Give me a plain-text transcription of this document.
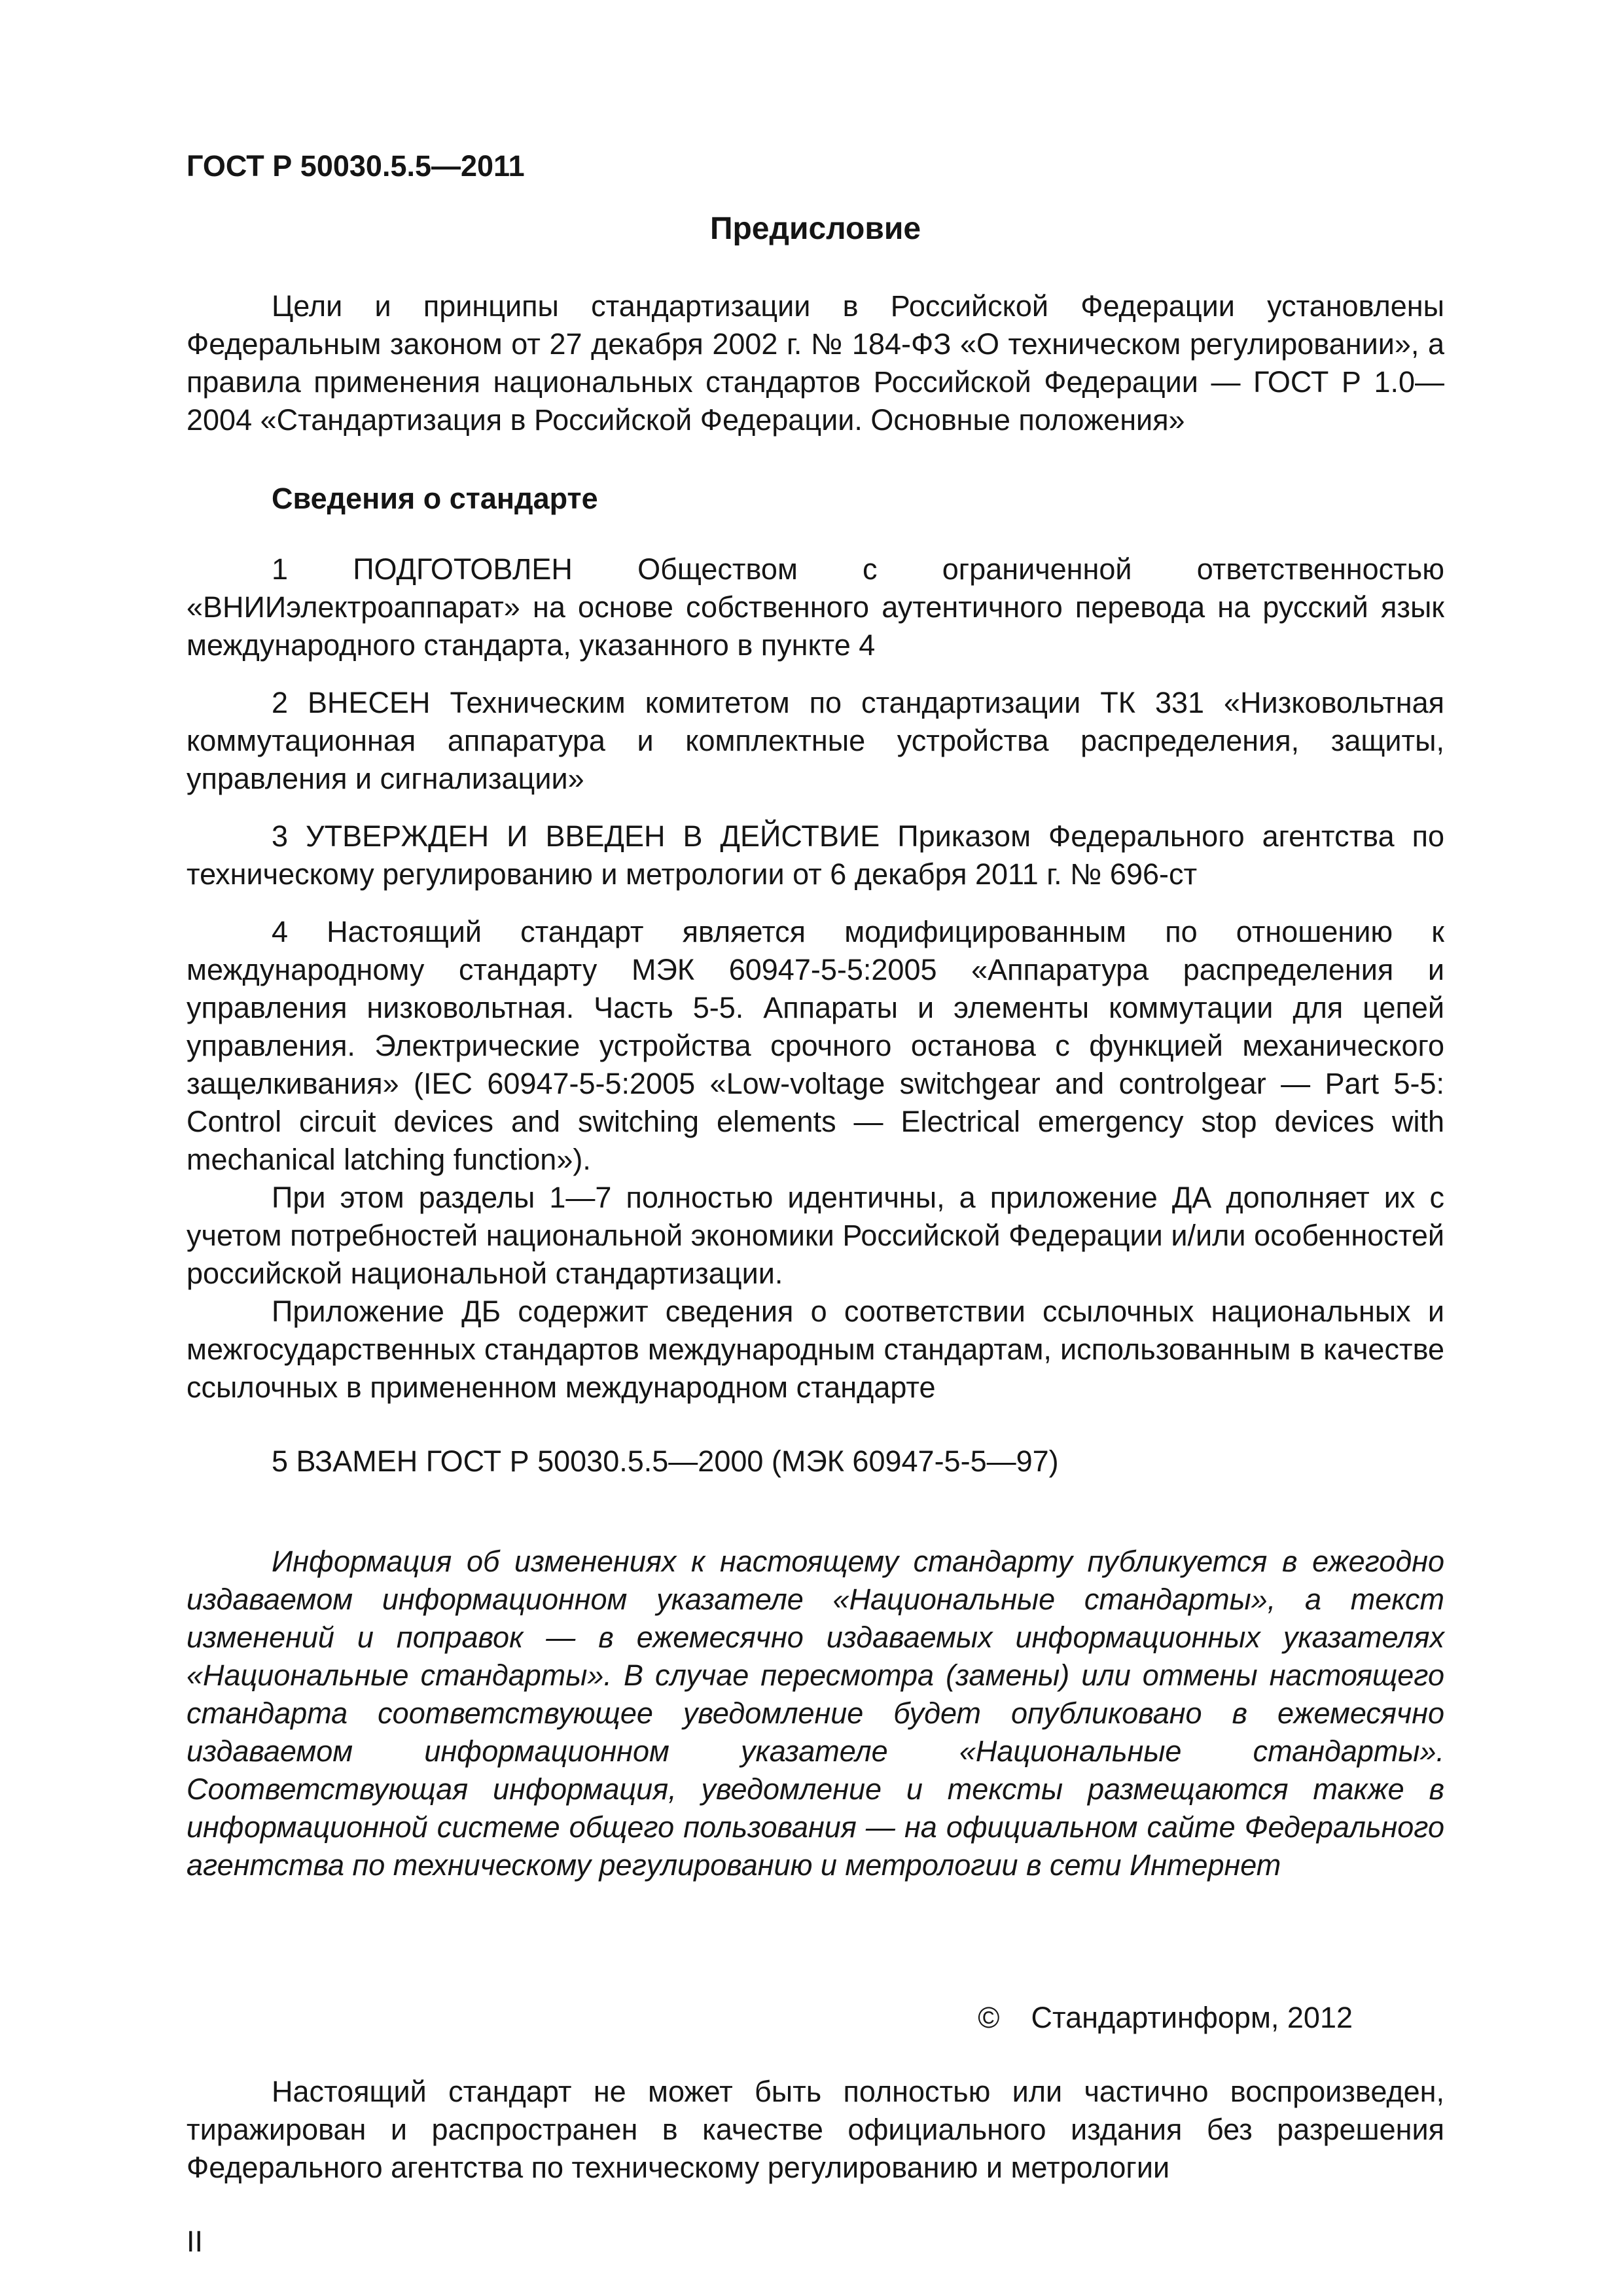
ГОСТ Р 50030.5.5—2011
Предисловие

Цели и принципы стандартизации в Российской Федерации установлены Федеральным законом от 27 декабря 2002 г. № 184-ФЗ «О техническом регулировании», а правила применения национальных стандартов Российской Федерации — ГОСТ Р 1.0—2004 «Стандартизация в Российской Федерации. Основные положения»

Сведения о стандарте

1 ПОДГОТОВЛЕН Обществом с ограниченной ответственностью «ВНИИэлектроаппарат» на основе собственного аутентичного перевода на русский язык международного стандарта, указанного в пункте 4

2 ВНЕСЕН Техническим комитетом по стандартизации ТК 331 «Низковольтная коммутационная аппаратура и комплектные устройства распределения, защиты, управления и сигнализации»

3 УТВЕРЖДЕН И ВВЕДЕН В ДЕЙСТВИЕ Приказом Федерального агентства по техническому регулированию и метрологии от 6 декабря 2011 г. № 696-ст

4 Настоящий стандарт является модифицированным по отношению к международному стандарту МЭК 60947-5-5:2005 «Аппаратура распределения и управления низковольтная. Часть 5-5. Аппараты и элементы коммутации для цепей управления. Электрические устройства срочного останова с функцией механического защелкивания» (IEC 60947-5-5:2005 «Low-voltage switchgear and controlgear — Part 5-5: Control circuit devices and switching elements — Electrical emergency stop devices with mechanical latching function»).

При этом разделы 1—7 полностью идентичны, а приложение ДА дополняет их с учетом потребностей национальной экономики Российской Федерации и/или особенностей российской национальной стандартизации.

Приложение ДБ содержит сведения о соответствии ссылочных национальных и межгосударственных стандартов международным стандартам, использованным в качестве ссылочных в примененном международном стандарте

5 ВЗАМЕН ГОСТ Р 50030.5.5—2000 (МЭК 60947-5-5—97)

Информация об изменениях к настоящему стандарту публикуется в ежегодно издаваемом информационном указателе «Национальные стандарты», а текст изменений и поправок — в ежемесячно издаваемых информационных указателях «Национальные стандарты». В случае пересмотра (замены) или отмены настоящего стандарта соответствующее уведомление будет опубликовано в ежемесячно издаваемом информационном указателе «Национальные стандарты». Соответствующая информация, уведомление и тексты размещаются также в информационной системе общего пользования — на официальном сайте Федерального агентства по техническому регулированию и метрологии в сети Интернет

© Стандартинформ, 2012

Настоящий стандарт не может быть полностью или частично воспроизведен, тиражирован и распространен в качестве официального издания без разрешения Федерального агентства по техническому регулированию и метрологии

II
